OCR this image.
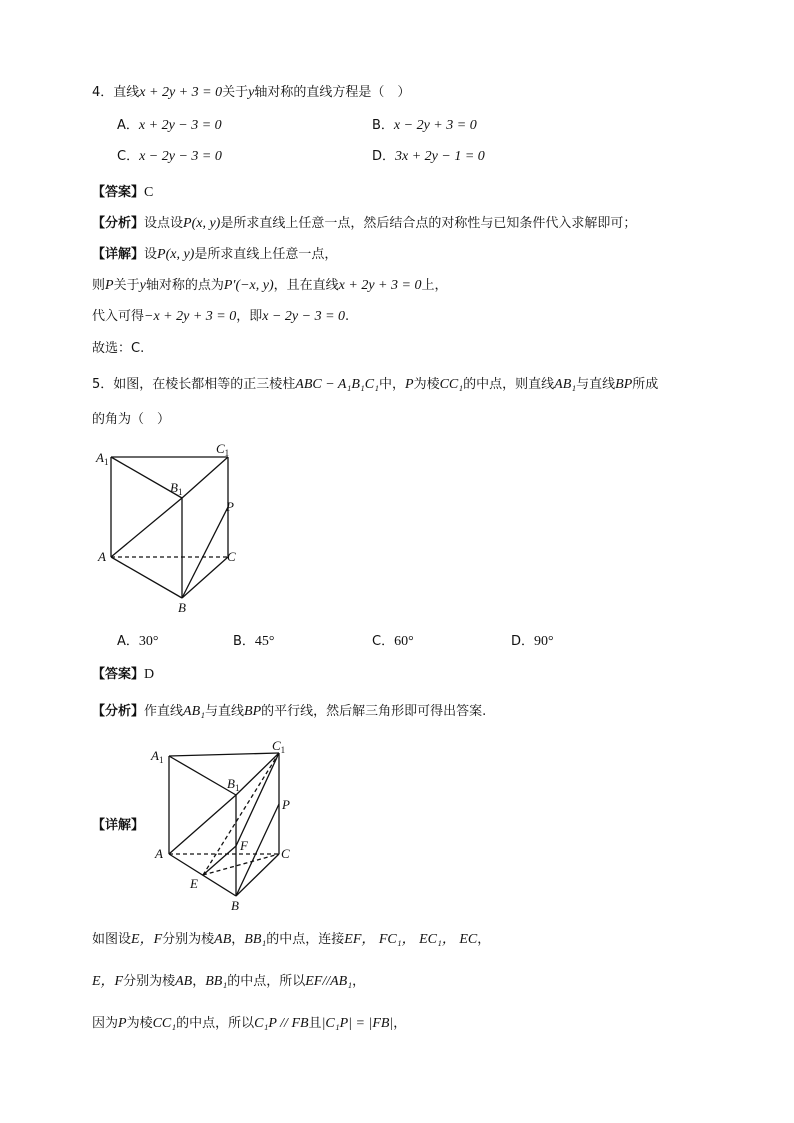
4．直线x + 2y + 3 = 0关于y轴对称的直线方程是（　）
A．x + 2y − 3 = 0	B．x − 2y + 3 = 0
C．x − 2y − 3 = 0	D．3x + 2y − 1 = 0
【答案】C
【分析】设点设P(x, y)是所求直线上任意一点，然后结合点的对称性与已知条件代入求解即可；
【详解】设P(x, y)是所求直线上任意一点，
则P关于y轴对称的点为P′(−x, y)，且在直线x + 2y + 3 = 0上，
代入可得−x + 2y + 3 = 0，即x − 2y − 3 = 0.
故选：C.
5．如图，在棱长都相等的正三棱柱ABC − A₁B₁C₁中，P为棱CC₁的中点，则直线AB₁与直线BP所成
的角为（　）
$A_1$
$B_1$
$C_1$
P
A
B
C
A．30°	B．45°	C．60°	D．90°
【答案】D
【分析】作直线AB₁与直线BP的平行线，然后解三角形即可得出答案.
【详解】
$A_1$
$B_1$
$C_1$
P
A
B
C
E
F
如图设E，F分别为棱AB，BB₁的中点，连接EF， FC₁， EC₁， EC，
E，F分别为棱AB，BB₁的中点，所以EF//AB₁，
因为P为棱CC₁的中点，所以C₁P // FB且|C₁P| = |FB|，
